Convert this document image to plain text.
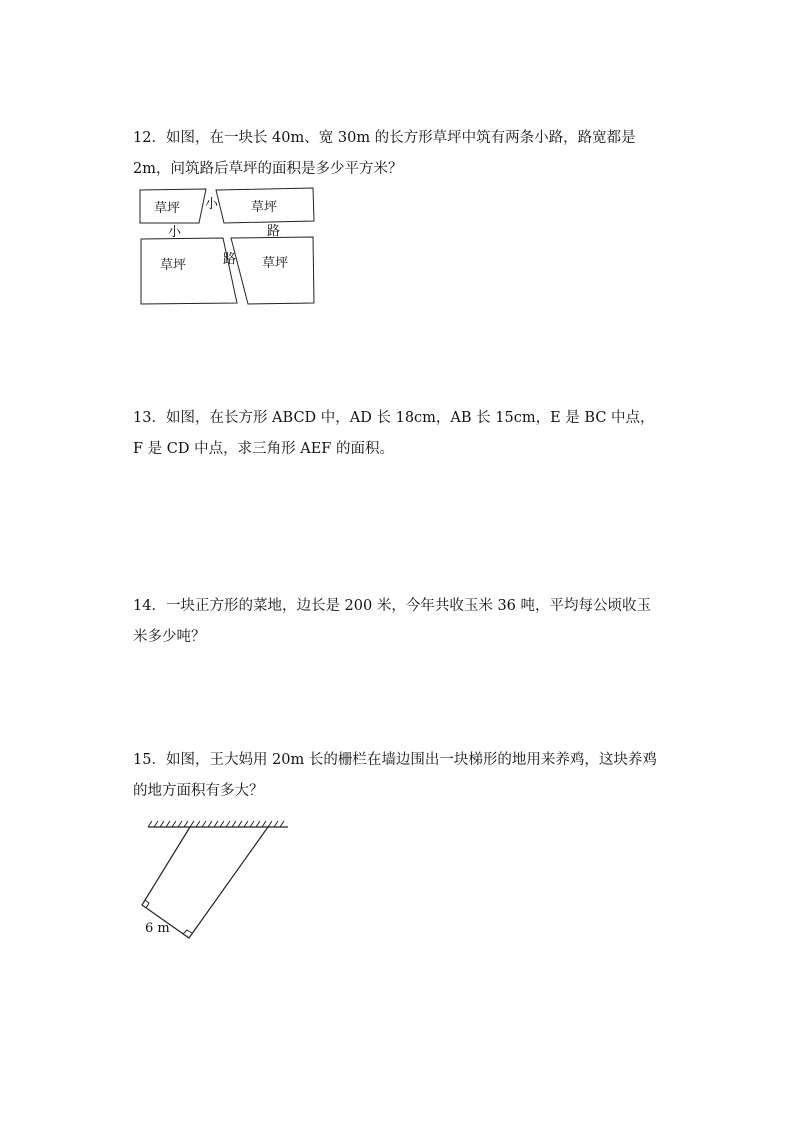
12．如图，在一块长 40m、宽 30m 的长方形草坪中筑有两条小路，路宽都是 2m，问筑路后草坪的面积是多少平方米？

草坪	草坪
草坪	草坪
小
小	路
路

13．如图，在长方形 ABCD 中，AD 长 18cm，AB 长 15cm，E 是 BC 中点，F 是 CD 中点，求三角形 AEF 的面积。

14．一块正方形的菜地，边长是 200 米，今年共收玉米 36 吨，平均每公顷收玉米多少吨？

15．如图，王大妈用 20m 长的栅栏在墙边围出一块梯形的地用来养鸡，这块养鸡的地方面积有多大？

6 m
